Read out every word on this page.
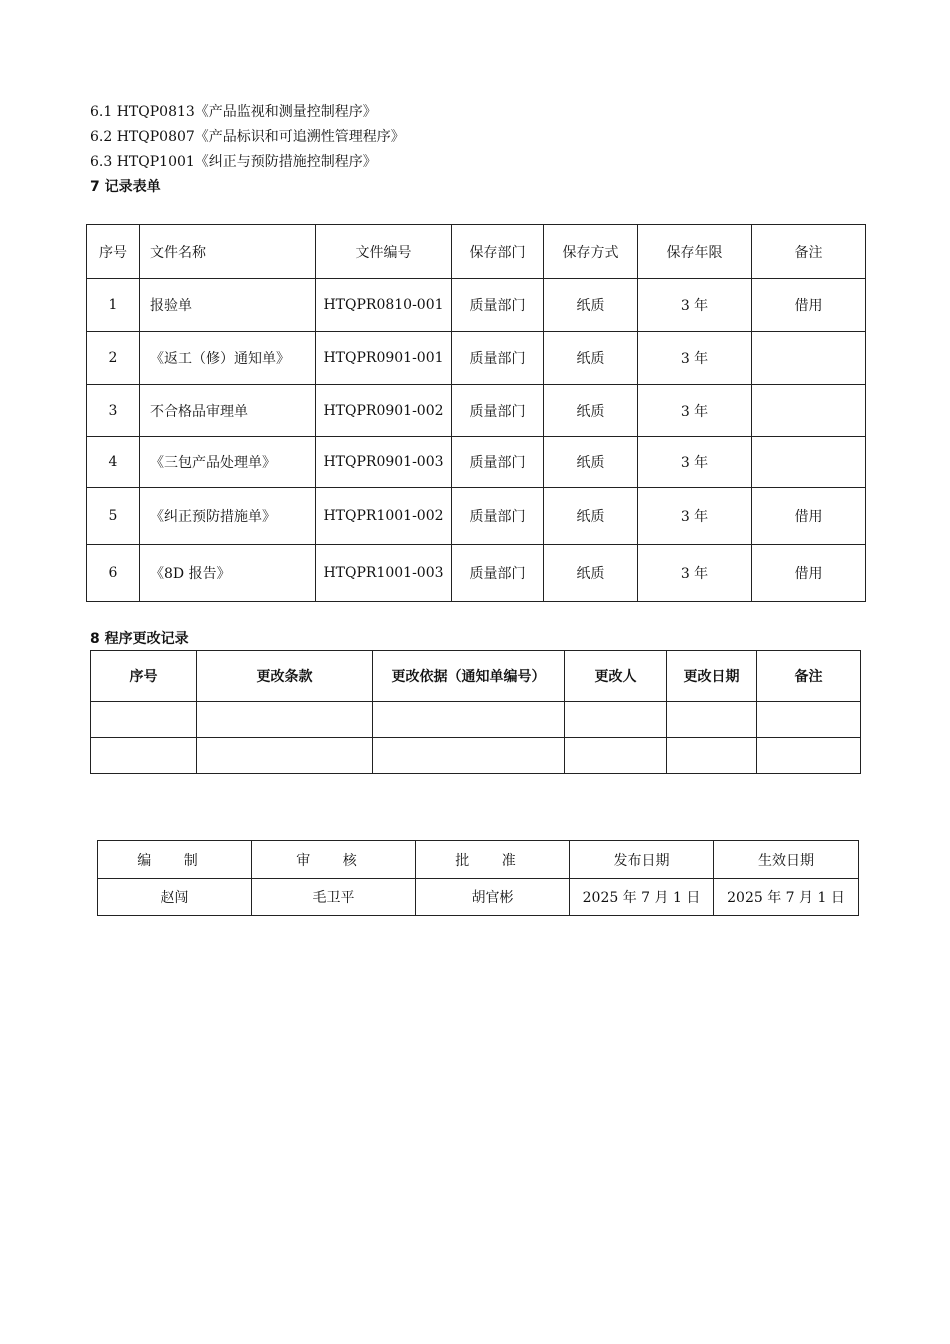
6.1 HTQP0813《产品监视和测量控制程序》
6.2 HTQP0807《产品标识和可追溯性管理程序》
6.3 HTQP1001《纠正与预防措施控制程序》
7 记录表单
序号	文件名称	文件编号	保存部门	保存方式	保存年限	备注
1	报验单	HTQPR0810-001	质量部门	纸质	3 年	借用
2	《返工（修）通知单》	HTQPR0901-001	质量部门	纸质	3 年	
3	不合格品审理单	HTQPR0901-002	质量部门	纸质	3 年	
4	《三包产品处理单》	HTQPR0901-003	质量部门	纸质	3 年	
5	《纠正预防措施单》	HTQPR1001-002	质量部门	纸质	3 年	借用
6	《8D 报告》	HTQPR1001-003	质量部门	纸质	3 年	借用
8 程序更改记录
序号	更改条款	更改依据（通知单编号）	更改人	更改日期	备注

编 制	审 核	批 准	发布日期	生效日期
赵闯	毛卫平	胡官彬	2025 年 7 月 1 日	2025 年 7 月 1 日
